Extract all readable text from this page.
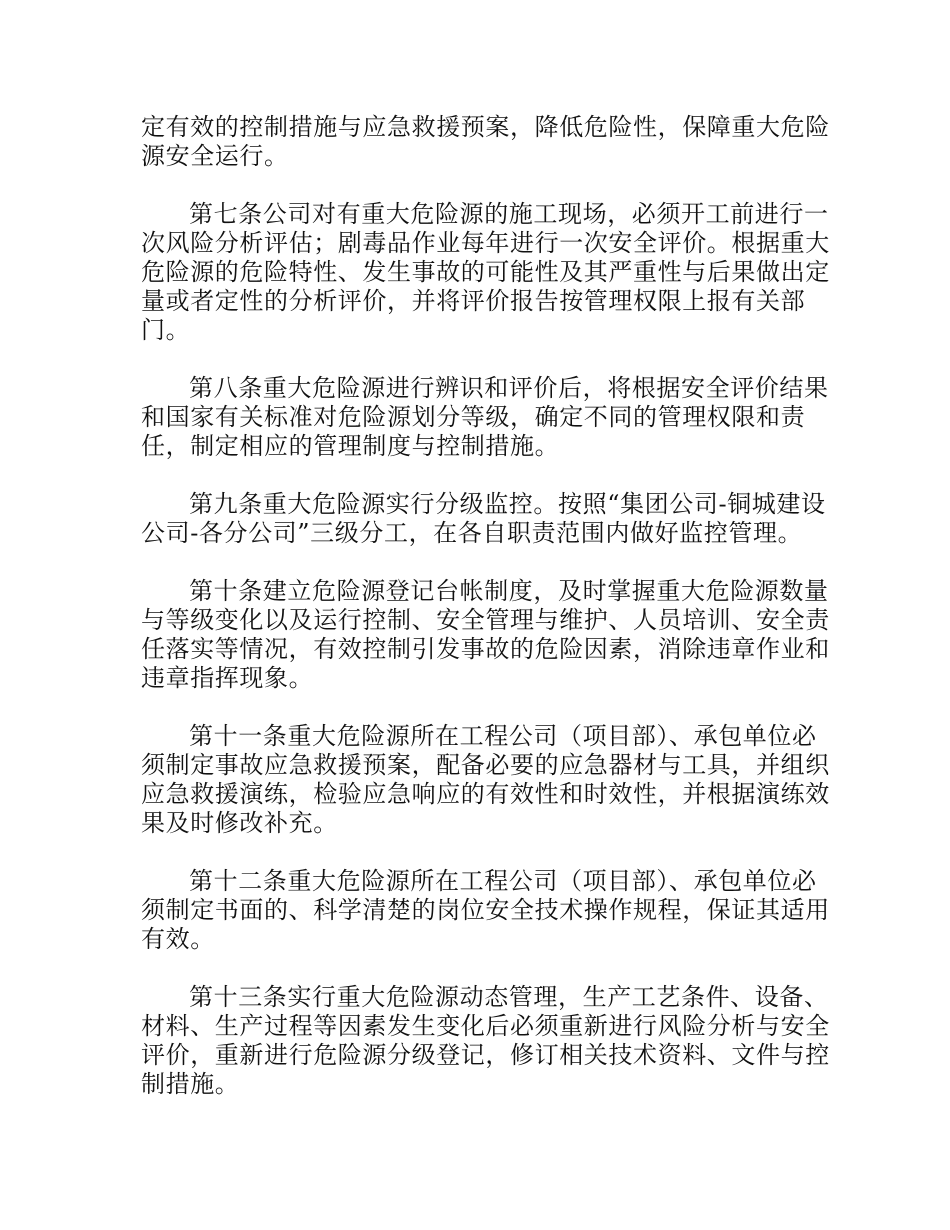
定有效的控制措施与应急救援预案，降低危险性，保障重大危险源安全运行。

第七条公司对有重大危险源的施工现场，必须开工前进行一次风险分析评估；剧毒品作业每年进行一次安全评价。根据重大危险源的危险特性、发生事故的可能性及其严重性与后果做出定量或者定性的分析评价，并将评价报告按管理权限上报有关部门。

第八条重大危险源进行辨识和评价后，将根据安全评价结果和国家有关标准对危险源划分等级，确定不同的管理权限和责任，制定相应的管理制度与控制措施。

第九条重大危险源实行分级监控。按照“集团公司-铜城建设公司-各分公司”三级分工，在各自职责范围内做好监控管理。

第十条建立危险源登记台帐制度，及时掌握重大危险源数量与等级变化以及运行控制、安全管理与维护、人员培训、安全责任落实等情况，有效控制引发事故的危险因素，消除违章作业和违章指挥现象。

第十一条重大危险源所在工程公司（项目部）、承包单位必须制定事故应急救援预案，配备必要的应急器材与工具，并组织应急救援演练，检验应急响应的有效性和时效性，并根据演练效果及时修改补充。

第十二条重大危险源所在工程公司（项目部）、承包单位必须制定书面的、科学清楚的岗位安全技术操作规程，保证其适用有效。

第十三条实行重大危险源动态管理，生产工艺条件、设备、材料、生产过程等因素发生变化后必须重新进行风险分析与安全评价，重新进行危险源分级登记，修订相关技术资料、文件与控制措施。
